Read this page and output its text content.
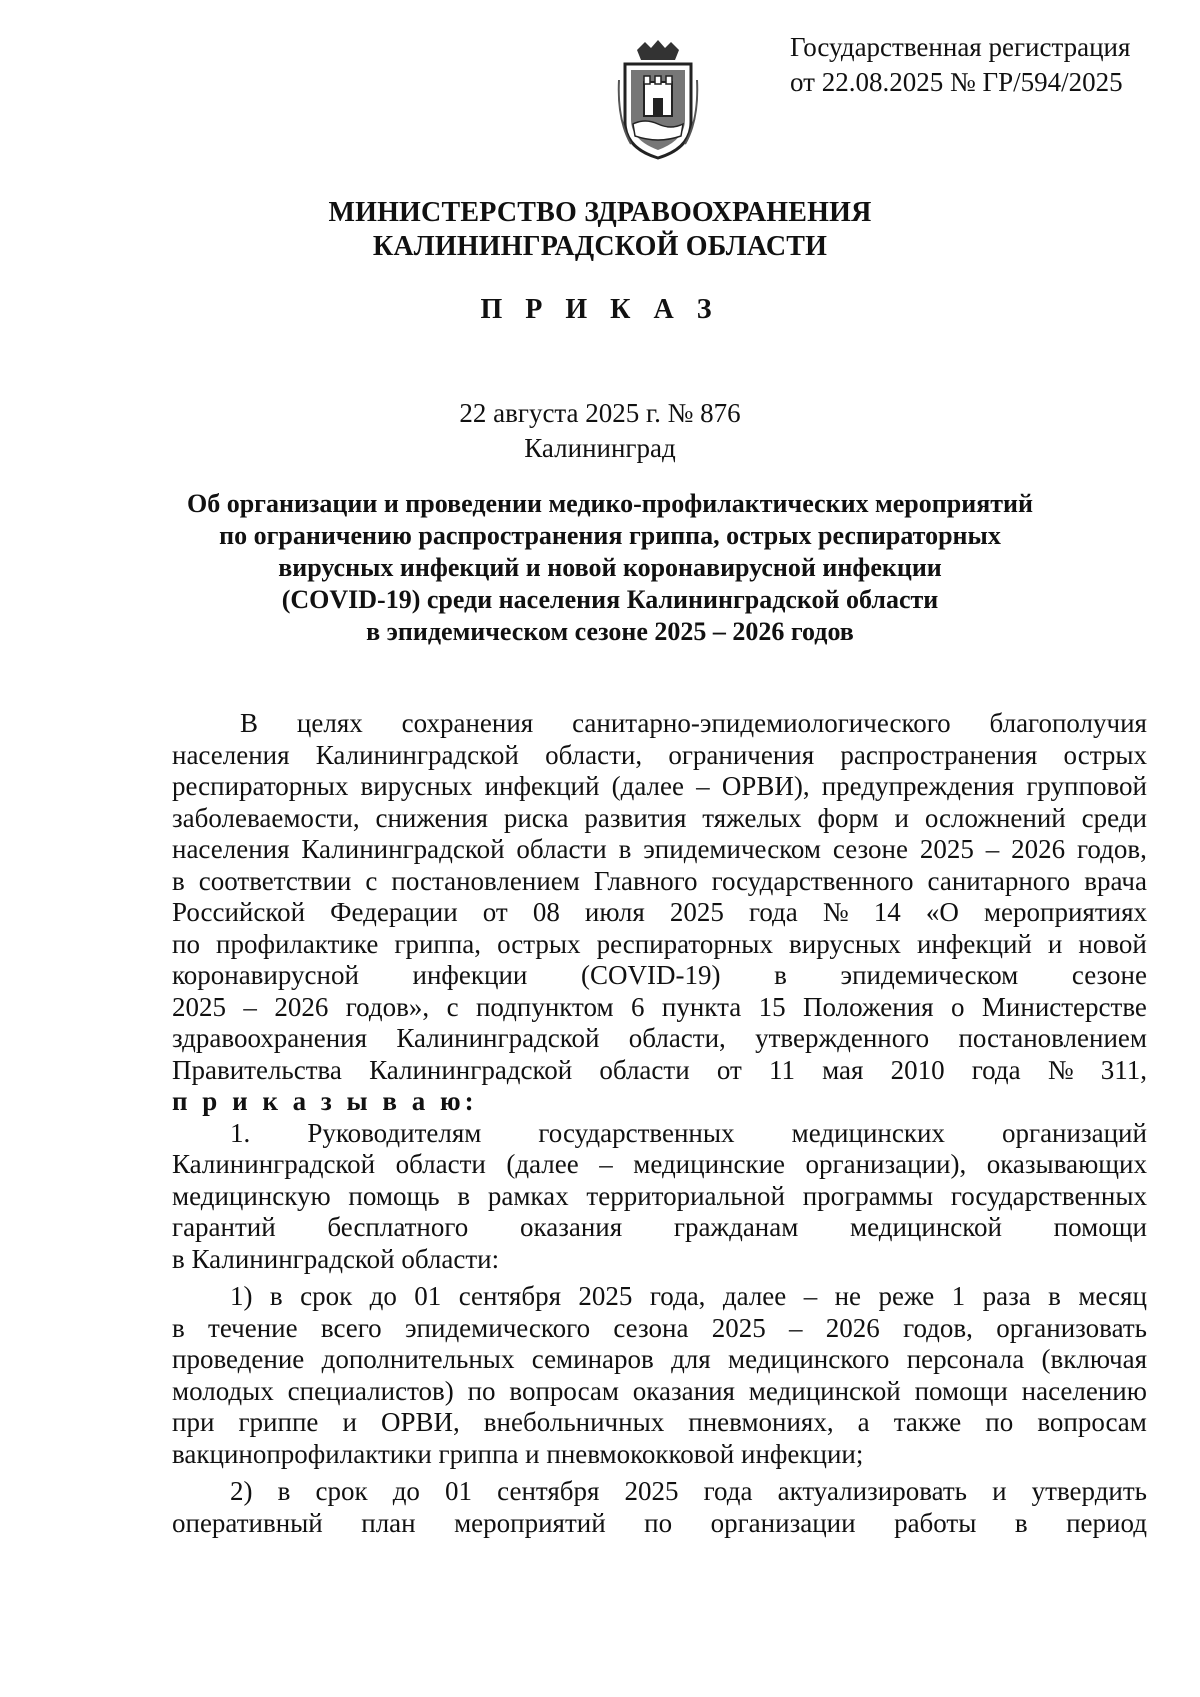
Государственная регистрация
от 22.08.2025 № ГР/594/2025
МИНИСТЕРСТВО ЗДРАВООХРАНЕНИЯ
КАЛИНИНГРАДСКОЙ ОБЛАСТИ
П Р И К А З
22 августа 2025 г. № 876
Калининград
Об организации и проведении медико-профилактических мероприятий
по ограничению распространения гриппа, острых респираторных
вирусных инфекций и новой коронавирусной инфекции
(COVID-19) среди населения Калининградской области
в эпидемическом сезоне 2025 – 2026 годов
В целях сохранения санитарно-эпидемиологического благополучия
населения Калининградской области, ограничения распространения острых
респираторных вирусных инфекций (далее – ОРВИ), предупреждения групповой
заболеваемости, снижения риска развития тяжелых форм и осложнений среди
населения Калининградской области в эпидемическом сезоне 2025 – 2026 годов,
в соответствии с постановлением Главного государственного санитарного врача
Российской Федерации от 08 июля 2025 года № 14 «О мероприятиях
по профилактике гриппа, острых респираторных вирусных инфекций и новой
коронавирусной инфекции (COVID-19) в эпидемическом сезоне
2025 – 2026 годов», с подпунктом 6 пункта 15 Положения о Министерстве
здравоохранения Калининградской области, утвержденного постановлением
Правительства Калининградской области от 11 мая 2010 года № 311,
п р и к а з ы в а ю:
1. Руководителям государственных медицинских организаций
Калининградской области (далее – медицинские организации), оказывающих
медицинскую помощь в рамках территориальной программы государственных
гарантий бесплатного оказания гражданам медицинской помощи
в Калининградской области:
1) в срок до 01 сентября 2025 года, далее – не реже 1 раза в месяц
в течение всего эпидемического сезона 2025 – 2026 годов, организовать
проведение дополнительных семинаров для медицинского персонала (включая
молодых специалистов) по вопросам оказания медицинской помощи населению
при гриппе и ОРВИ, внебольничных пневмониях, а также по вопросам
вакцинопрофилактики гриппа и пневмококковой инфекции;
2) в срок до 01 сентября 2025 года актуализировать и утвердить
оперативный план мероприятий по организации работы в период
